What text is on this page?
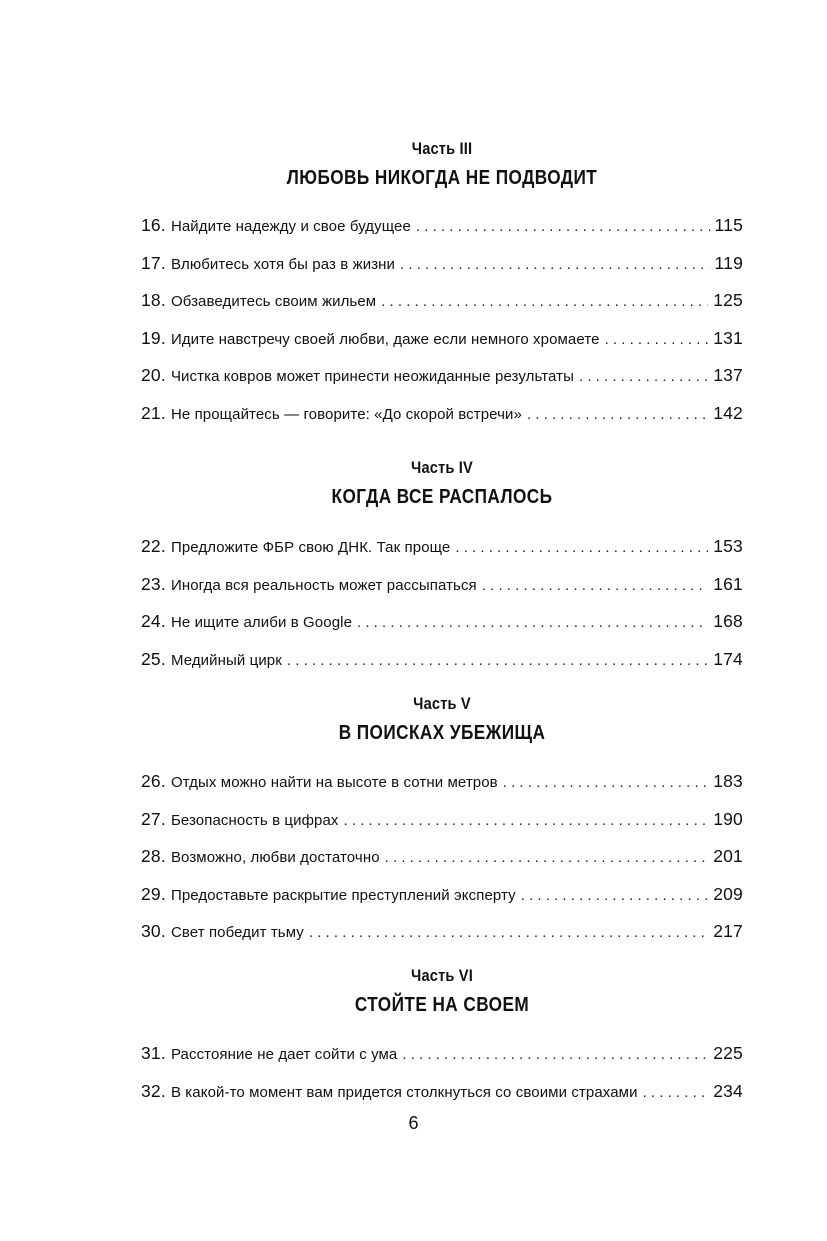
Часть III
ЛЮБОВЬ НИКОГДА НЕ ПОДВОДИТ
16. Найдите надежду и свое будущее . . .	115
17. Влюбитесь хотя бы раз в жизни . . .	119
18. Обзаведитесь своим жильем . . .	125
19. Идите навстречу своей любви, даже если немного хромаете . . .	131
20. Чистка ковров может принести неожиданные результаты . . .	137
21. Не прощайтесь — говорите: «До скорой встречи» . . .	142
Часть IV
КОГДА ВСЕ РАСПАЛОСЬ
22. Предложите ФБР свою ДНК. Так проще . . .	153
23. Иногда вся реальность может рассыпаться . . .	161
24. Не ищите алиби в Google . . .	168
25. Медийный цирк . . .	174
Часть V
В ПОИСКАХ УБЕЖИЩА
26. Отдых можно найти на высоте в сотни метров . . .	183
27. Безопасность в цифрах . . .	190
28. Возможно, любви достаточно . . .	201
29. Предоставьте раскрытие преступлений эксперту . . .	209
30. Свет победит тьму . . .	217
Часть VI
СТОЙТЕ НА СВОЕМ
31. Расстояние не дает сойти с ума . . .	225
32. В какой-то момент вам придется столкнуться со своими страхами . . .	234
6
